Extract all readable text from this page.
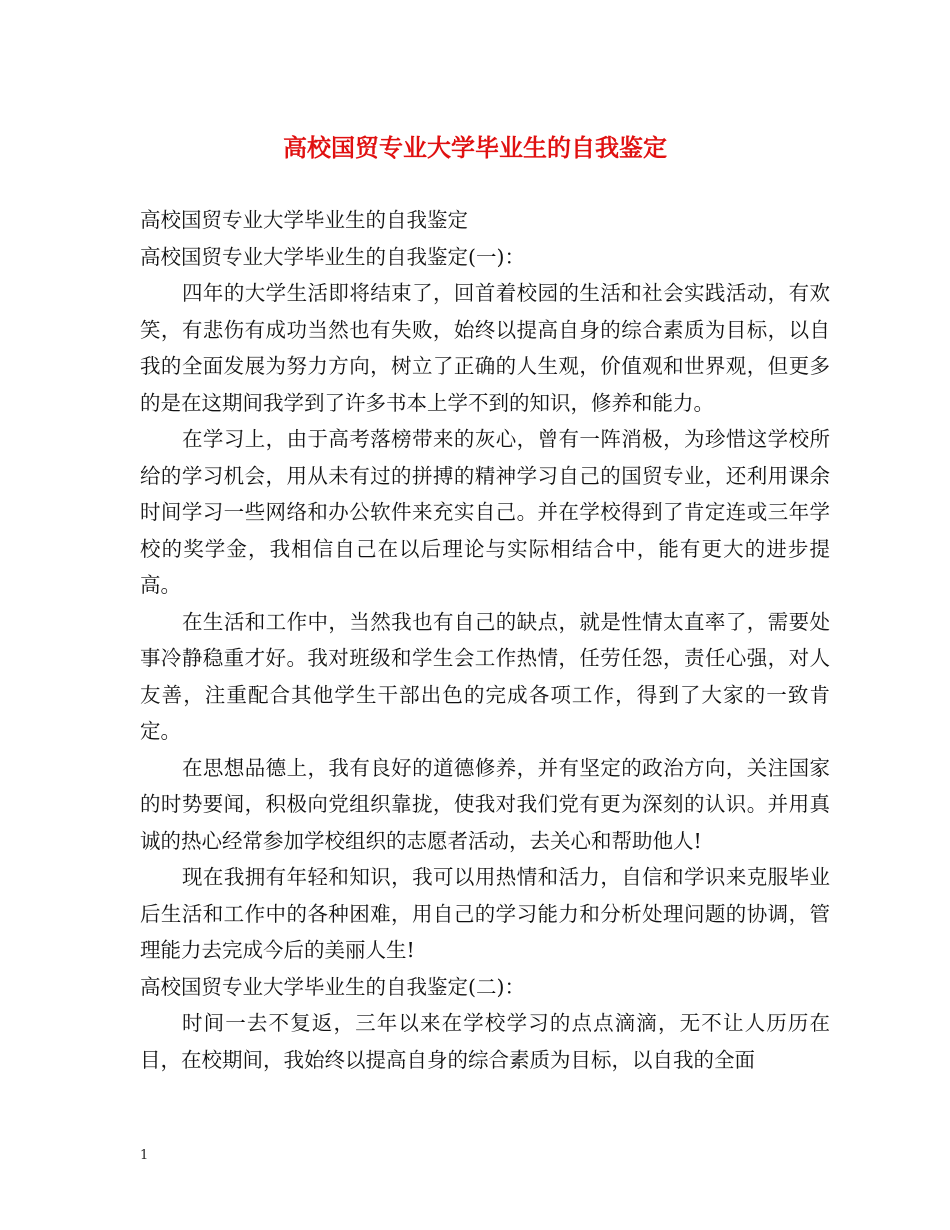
高校国贸专业大学毕业生的自我鉴定

高校国贸专业大学毕业生的自我鉴定

高校国贸专业大学毕业生的自我鉴定(一)：

四年的大学生活即将结束了，回首着校园的生活和社会实践活动，有欢笑，有悲伤有成功当然也有失败，始终以提高自身的综合素质为目标，以自我的全面发展为努力方向，树立了正确的人生观，价值观和世界观，但更多的是在这期间我学到了许多书本上学不到的知识，修养和能力。

在学习上，由于高考落榜带来的灰心，曾有一阵消极，为珍惜这学校所给的学习机会，用从未有过的拼搏的精神学习自己的国贸专业，还利用课余时间学习一些网络和办公软件来充实自己。并在学校得到了肯定连或三年学校的奖学金，我相信自己在以后理论与实际相结合中，能有更大的进步提高。

在生活和工作中，当然我也有自己的缺点，就是性情太直率了，需要处事冷静稳重才好。我对班级和学生会工作热情，任劳任怨，责任心强，对人友善，注重配合其他学生干部出色的完成各项工作，得到了大家的一致肯定。

在思想品德上，我有良好的道德修养，并有坚定的政治方向，关注国家的时势要闻，积极向党组织靠拢，使我对我们党有更为深刻的认识。并用真诚的热心经常参加学校组织的志愿者活动，去关心和帮助他人!

现在我拥有年轻和知识，我可以用热情和活力，自信和学识来克服毕业后生活和工作中的各种困难，用自己的学习能力和分析处理问题的协调，管理能力去完成今后的美丽人生!

高校国贸专业大学毕业生的自我鉴定(二)：

时间一去不复返，三年以来在学校学习的点点滴滴，无不让人历历在目，在校期间，我始终以提高自身的综合素质为目标，以自我的全面

1
